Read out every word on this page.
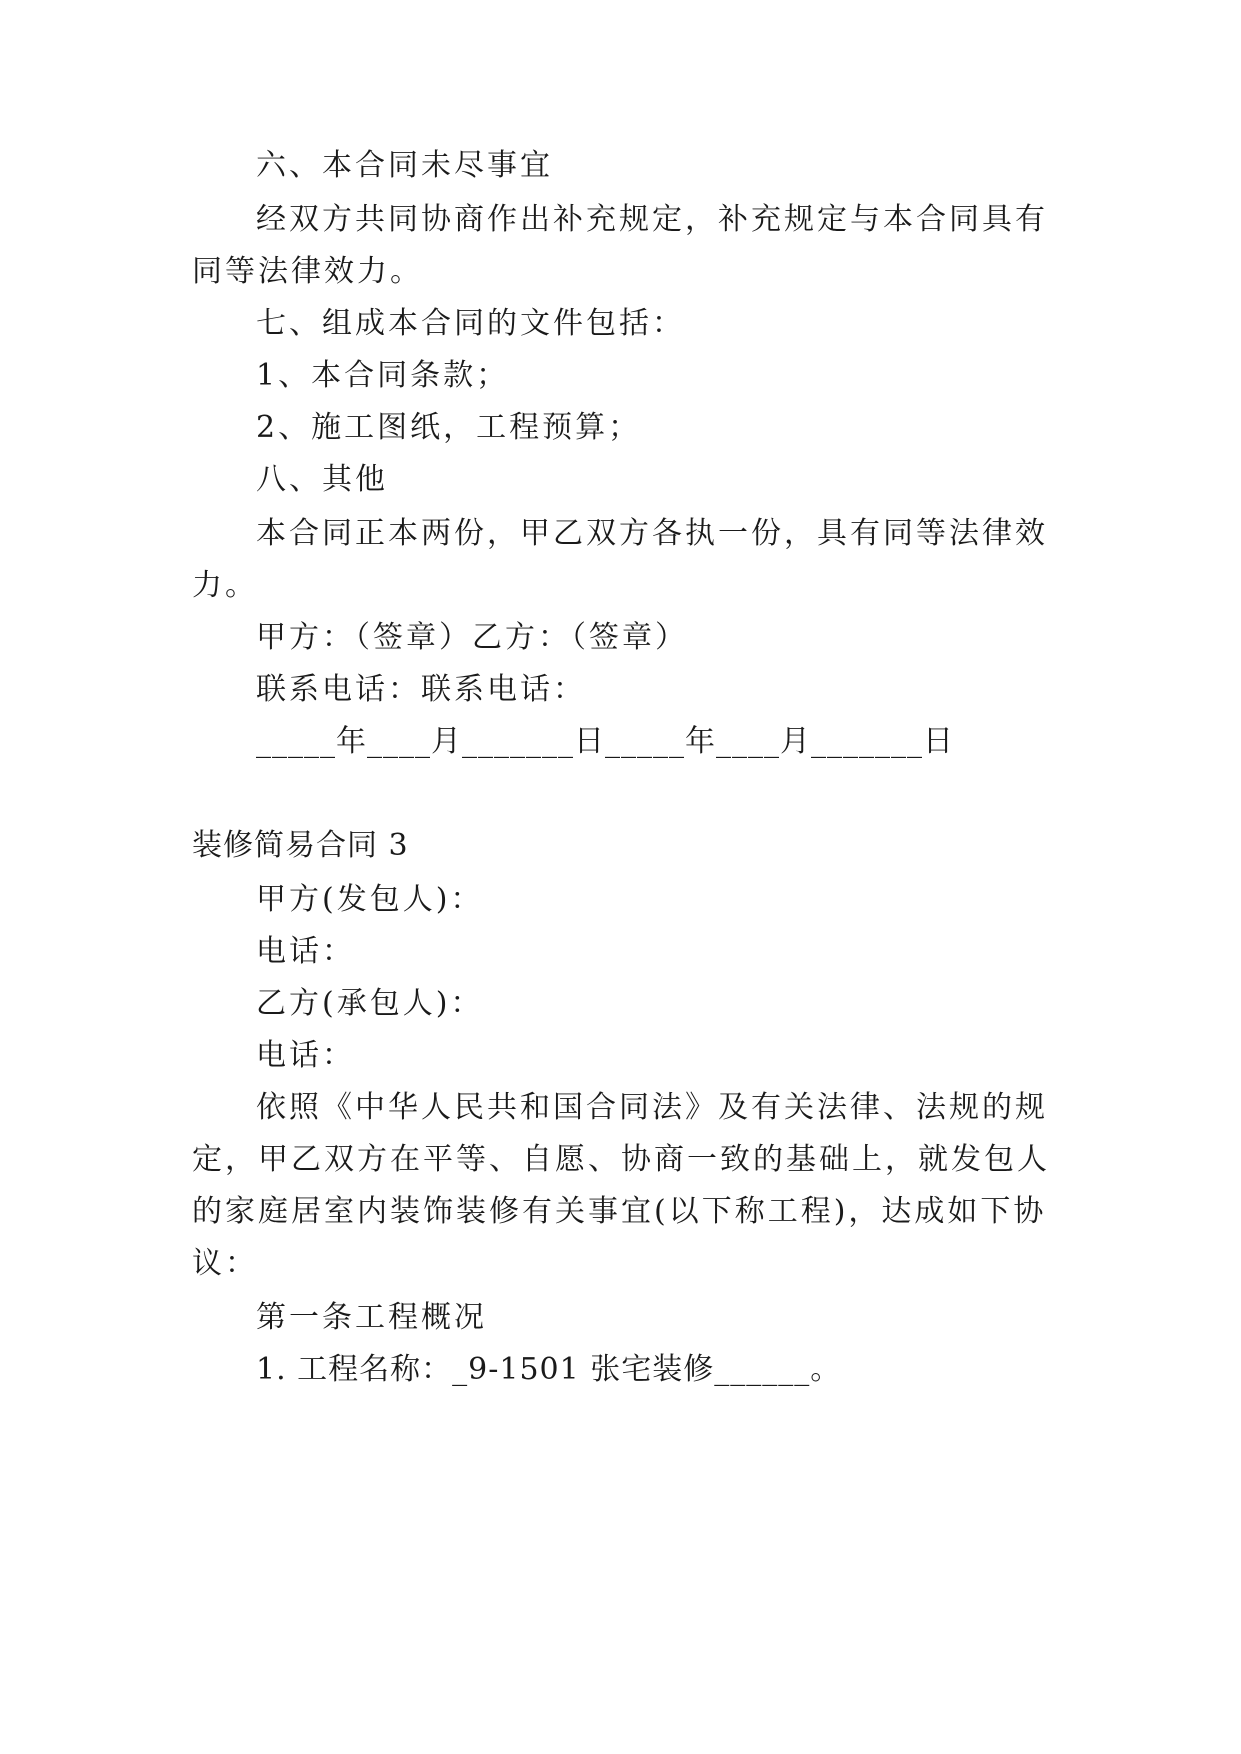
六、本合同未尽事宜
经双方共同协商作出补充规定，补充规定与本合同具有
同等法律效力。
七、组成本合同的文件包括：
1、本合同条款；
2、施工图纸，工程预算；
八、其他
本合同正本两份，甲乙双方各执一份，具有同等法律效
力。
甲方：（签章）乙方：（签章）
联系电话：联系电话：
_____年____月_______日_____年____月_______日
装修简易合同 3
甲方(发包人)：
电话：
乙方(承包人)：
电话：
依照《中华人民共和国合同法》及有关法律、法规的规
定，甲乙双方在平等、自愿、协商一致的基础上，就发包人
的家庭居室内装饰装修有关事宜(以下称工程)，达成如下协
议：
第一条工程概况
1. 工程名称：_9-1501 张宅装修______。
